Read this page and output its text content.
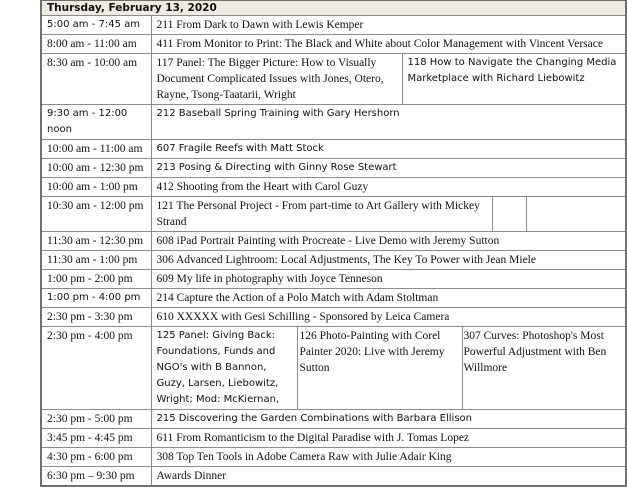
Thursday, February 13, 2020						
5:00 am - 7:45 am	211 From Dark to Dawn with Lewis Kemper					
8:00 am - 11:00 am	411 From Monitor to Print: The Black and White about Color Management with Vincent Versace					
8:30 am - 10:00 am	117 Panel: The Bigger Picture: How to Visually Document Complicated Issues with Jones, Otero, Rayne, Tsong-Taatarii, Wright		118 How to Navigate the Changing Media Marketplace with Richard Liebowitz			
9:30 am - 12:00 noon	212 Baseball Spring Training with Gary Hershorn					
10:00 am - 11:00 am	607 Fragile Reefs with Matt Stock					
10:00 am - 12:30 pm	213 Posing & Directing with Ginny Rose Stewart					
10:00 am - 1:00 pm	412 Shooting from the Heart with Carol Guzy					
10:30 am - 12:00 pm	121 The Personal Project - From part-time to Art Gallery with Mickey Strand					
11:30 am - 12:30 pm	608 iPad Portrait Painting with Procreate - Live Demo with Jeremy Sutton					
11:30 am - 1:00 pm	306 Advanced Lightroom: Local Adjustments, The Key To Power with Jean Miele					
1:00 pm - 2:00 pm	609 My life in photography with Joyce Tenneson					
1:00 pm - 4:00 pm	214 Capture the Action of a Polo Match with Adam Stoltman					
2:30 pm - 3:30 pm	610 XXXXX with Gesi Schilling - Sponsored by Leica Camera					
2:30 pm - 4:00 pm	125 Panel: Giving Back: Foundations, Funds and NGO's with B Bannon, Guzy, Larsen, Liebowitz, Wright; Mod: McKiernan,	126 Photo-Painting with Corel Painter 2020: Live with Jeremy Sutton		307 Curves: Photoshop's Most Powerful Adjustment with Ben Willmore		
2:30 pm - 5:00 pm	215 Discovering the Garden Combinations with Barbara Ellison					
3:45 pm - 4:45 pm	611 From Romanticism to the Digital Paradise with J. Tomas Lopez					
4:30 pm - 6:00 pm	308 Top Ten Tools in Adobe Camera Raw with Julie Adair King					
6:30 pm – 9:30 pm	Awards Dinner					
